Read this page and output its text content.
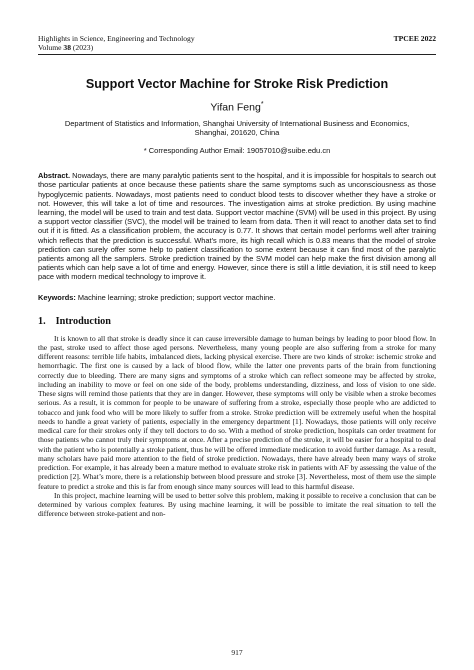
Highlights in Science, Engineering and Technology
Volume 38 (2023)
TPCEE 2022
Support Vector Machine for Stroke Risk Prediction
Yifan Feng*
Department of Statistics and Information, Shanghai University of International Business and Economics, Shanghai, 201620, China
* Corresponding Author Email: 19057010@suibe.edu.cn
Abstract. Nowadays, there are many paralytic patients sent to the hospital, and it is impossible for hospitals to search out those particular patients at once because these patients share the same symptoms such as unconsciousness as those hypoglycemic patients. Nowadays, most patients need to conduct blood tests to discover whether they have a stroke or not. However, this will take a lot of time and resources. The investigation aims at stroke prediction. By using machine learning, the model will be used to train and test data. Support vector machine (SVM) will be used in this project. By using a support vector classifier (SVC), the model will be trained to learn from data. Then it will react to another data set to find out if it is fitted. As a classification problem, the accuracy is 0.77. It shows that certain model performs well after training which reflects that the prediction is successful. What’s more, its high recall which is 0.83 means that the model of stroke prediction can surely offer some help to patient classification to some extent because it can find most of the paralytic patients among all the samplers. Stroke prediction trained by the SVM model can help make the first division among all patients which can help save a lot of time and energy. However, since there is still a little deviation, it is still need to keep pace with modern medical technology to improve it.
Keywords: Machine learning; stroke prediction; support vector machine.
1. Introduction

It is known to all that stroke is deadly since it can cause irreversible damage to human beings by leading to poor blood flow. In the past, stroke used to affect those aged persons. Nevertheless, many young people are also suffering from a stroke for many different reasons: terrible life habits, imbalanced diets, lacking physical exercise. There are two kinds of stroke: ischemic stroke and hemorrhagic. The first one is caused by a lack of blood flow, while the latter one prevents parts of the brain from functioning correctly due to bleeding. There are many signs and symptoms of a stroke which can reflect someone may be affected by stroke, including an inability to move or feel on one side of the body, problems understanding, dizziness, and loss of vision to one side. These signs will remind those patients that they are in danger. However, these symptoms will only be visible when a stroke becomes serious. As a result, it is common for people to be unaware of suffering from a stroke, especially those people who are addicted to tobacco and junk food who will be more likely to suffer from a stroke. Stroke prediction will be extremely useful when the hospital needs to handle a great variety of patients, especially in the emergency department [1]. Nowadays, those patients will only receive medical care for their strokes only if they tell doctors to do so. With a method of stroke prediction, hospitals can order treatment for those patients who cannot truly their symptoms at once. After a precise prediction of the stroke, it will be easier for a hospital to deal with the patient who is potentially a stroke patient, thus he will be offered immediate medication to avoid further damage. As a result, many scholars have paid more attention to the field of stroke prediction. Nowadays, there have already been many ways of stroke prediction. For example, it has already been a mature method to evaluate stroke risk in patients with AF by assessing the value of the prediction [2]. What’s more, there is a relationship between blood pressure and stroke [3]. Nevertheless, most of them use the simple feature to predict a stroke and this is far from enough since many sources will lead to this harmful disease.

In this project, machine learning will be used to better solve this problem, making it possible to receive a conclusion that can be determined by various complex features. By using machine learning, it will be possible to imitate the real situation to tell the difference between stroke-patient and non-

917
